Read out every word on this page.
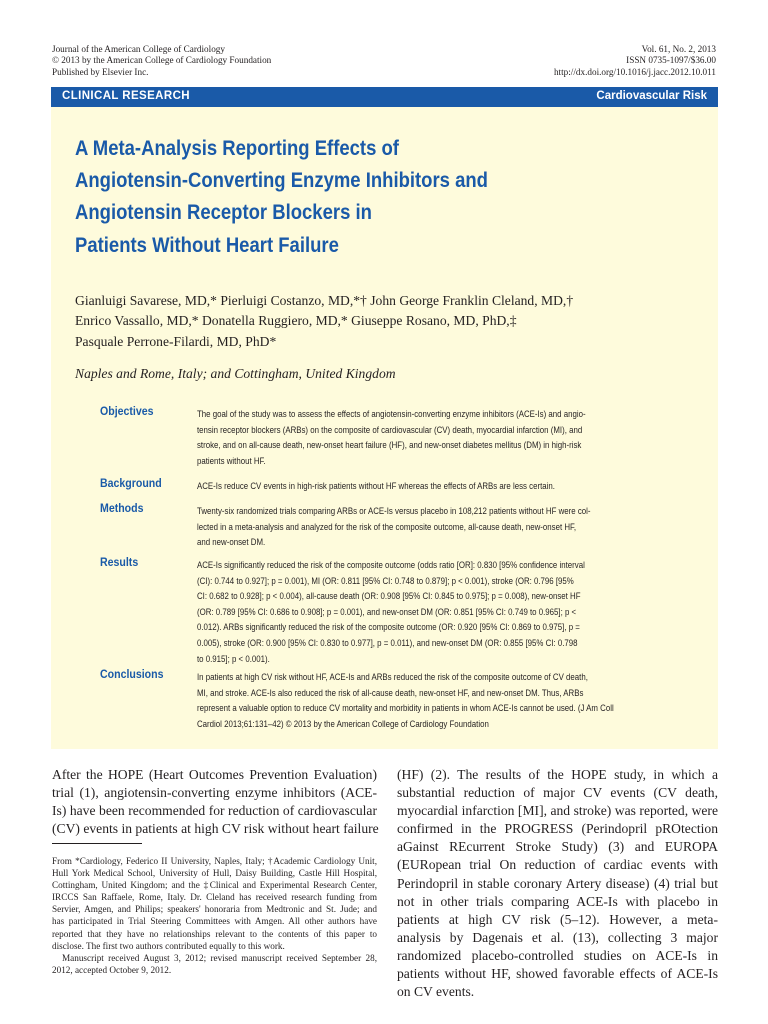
Journal of the American College of Cardiology
© 2013 by the American College of Cardiology Foundation
Published by Elsevier Inc.
Vol. 61, No. 2, 2013
ISSN 0735-1097/$36.00
http://dx.doi.org/10.1016/j.jacc.2012.10.011
CLINICAL RESEARCH	Cardiovascular Risk
A Meta-Analysis Reporting Effects of
Angiotensin-Converting Enzyme Inhibitors and
Angiotensin Receptor Blockers in
Patients Without Heart Failure

Gianluigi Savarese, MD,* Pierluigi Costanzo, MD,*† John George Franklin Cleland, MD,†

Enrico Vassallo, MD,* Donatella Ruggiero, MD,* Giuseppe Rosano, MD, PhD,‡

Pasquale Perrone-Filardi, MD, PhD*

Naples and Rome, Italy; and Cottingham, United Kingdom
Objectives	The goal of the study was to assess the effects of angiotensin-converting enzyme inhibitors (ACE-Is) and angio-
tensin receptor blockers (ARBs) on the composite of cardiovascular (CV) death, myocardial infarction (MI), and
stroke, and on all-cause death, new-onset heart failure (HF), and new-onset diabetes mellitus (DM) in high-risk
patients without HF.
Background	ACE-Is reduce CV events in high-risk patients without HF whereas the effects of ARBs are less certain.
Methods	Twenty-six randomized trials comparing ARBs or ACE-Is versus placebo in 108,212 patients without HF were col-
lected in a meta-analysis and analyzed for the risk of the composite outcome, all-cause death, new-onset HF,
and new-onset DM.
Results	ACE-Is significantly reduced the risk of the composite outcome (odds ratio [OR]: 0.830 [95% confidence interval
(CI): 0.744 to 0.927]; p = 0.001), MI (OR: 0.811 [95% CI: 0.748 to 0.879]; p < 0.001), stroke (OR: 0.796 [95%
CI: 0.682 to 0.928]; p < 0.004), all-cause death (OR: 0.908 [95% CI: 0.845 to 0.975]; p = 0.008), new-onset HF
(OR: 0.789 [95% CI: 0.686 to 0.908]; p = 0.001), and new-onset DM (OR: 0.851 [95% CI: 0.749 to 0.965]; p <
0.012). ARBs significantly reduced the risk of the composite outcome (OR: 0.920 [95% CI: 0.869 to 0.975], p =
0.005), stroke (OR: 0.900 [95% CI: 0.830 to 0.977], p = 0.011), and new-onset DM (OR: 0.855 [95% CI: 0.798
to 0.915]; p < 0.001).
Conclusions	In patients at high CV risk without HF, ACE-Is and ARBs reduced the risk of the composite outcome of CV death,
MI, and stroke. ACE-Is also reduced the risk of all-cause death, new-onset HF, and new-onset DM. Thus, ARBs
represent a valuable option to reduce CV mortality and morbidity in patients in whom ACE-Is cannot be used. (J Am Coll
Cardiol 2013;61:131–42) © 2013 by the American College of Cardiology Foundation
After the HOPE (Heart Outcomes Prevention Evaluation)
trial (1), angiotensin-converting enzyme inhibitors (ACE-
Is) have been recommended for reduction of cardiovascular
(CV) events in patients at high CV risk without heart failure
From *Cardiology, Federico II University, Naples, Italy; †Academic Cardiology Unit,
Hull York Medical School, University of Hull, Daisy Building, Castle Hill Hospital,
Cottingham, United Kingdom; and the ‡Clinical and Experimental Research Center,
IRCCS San Raffaele, Rome, Italy. Dr. Cleland has received research funding from
Servier, Amgen, and Philips; speakers' honoraria from Medtronic and St. Jude; and
has participated in Trial Steering Committees with Amgen. All other authors have
reported that they have no relationships relevant to the contents of this paper to
disclose. The first two authors contributed equally to this work.
Manuscript received August 3, 2012; revised manuscript received September 28,
2012, accepted October 9, 2012.
(HF) (2). The results of the HOPE study, in which a
substantial reduction of major CV events (CV death,
myocardial infarction [MI], and stroke) was reported, were
confirmed in the PROGRESS (Perindopril pROtection
aGainst REcurrent Stroke Study) (3) and EUROPA
(EURopean trial On reduction of cardiac events with
Perindopril in stable coronary Artery disease) (4) trial but
not in other trials comparing ACE-Is with placebo in
patients at high CV risk (5–12). However, a meta-
analysis by Dagenais et al. (13), collecting 3 major
randomized placebo-controlled studies on ACE-Is in
patients without HF, showed favorable effects of ACE-Is
on CV events.
